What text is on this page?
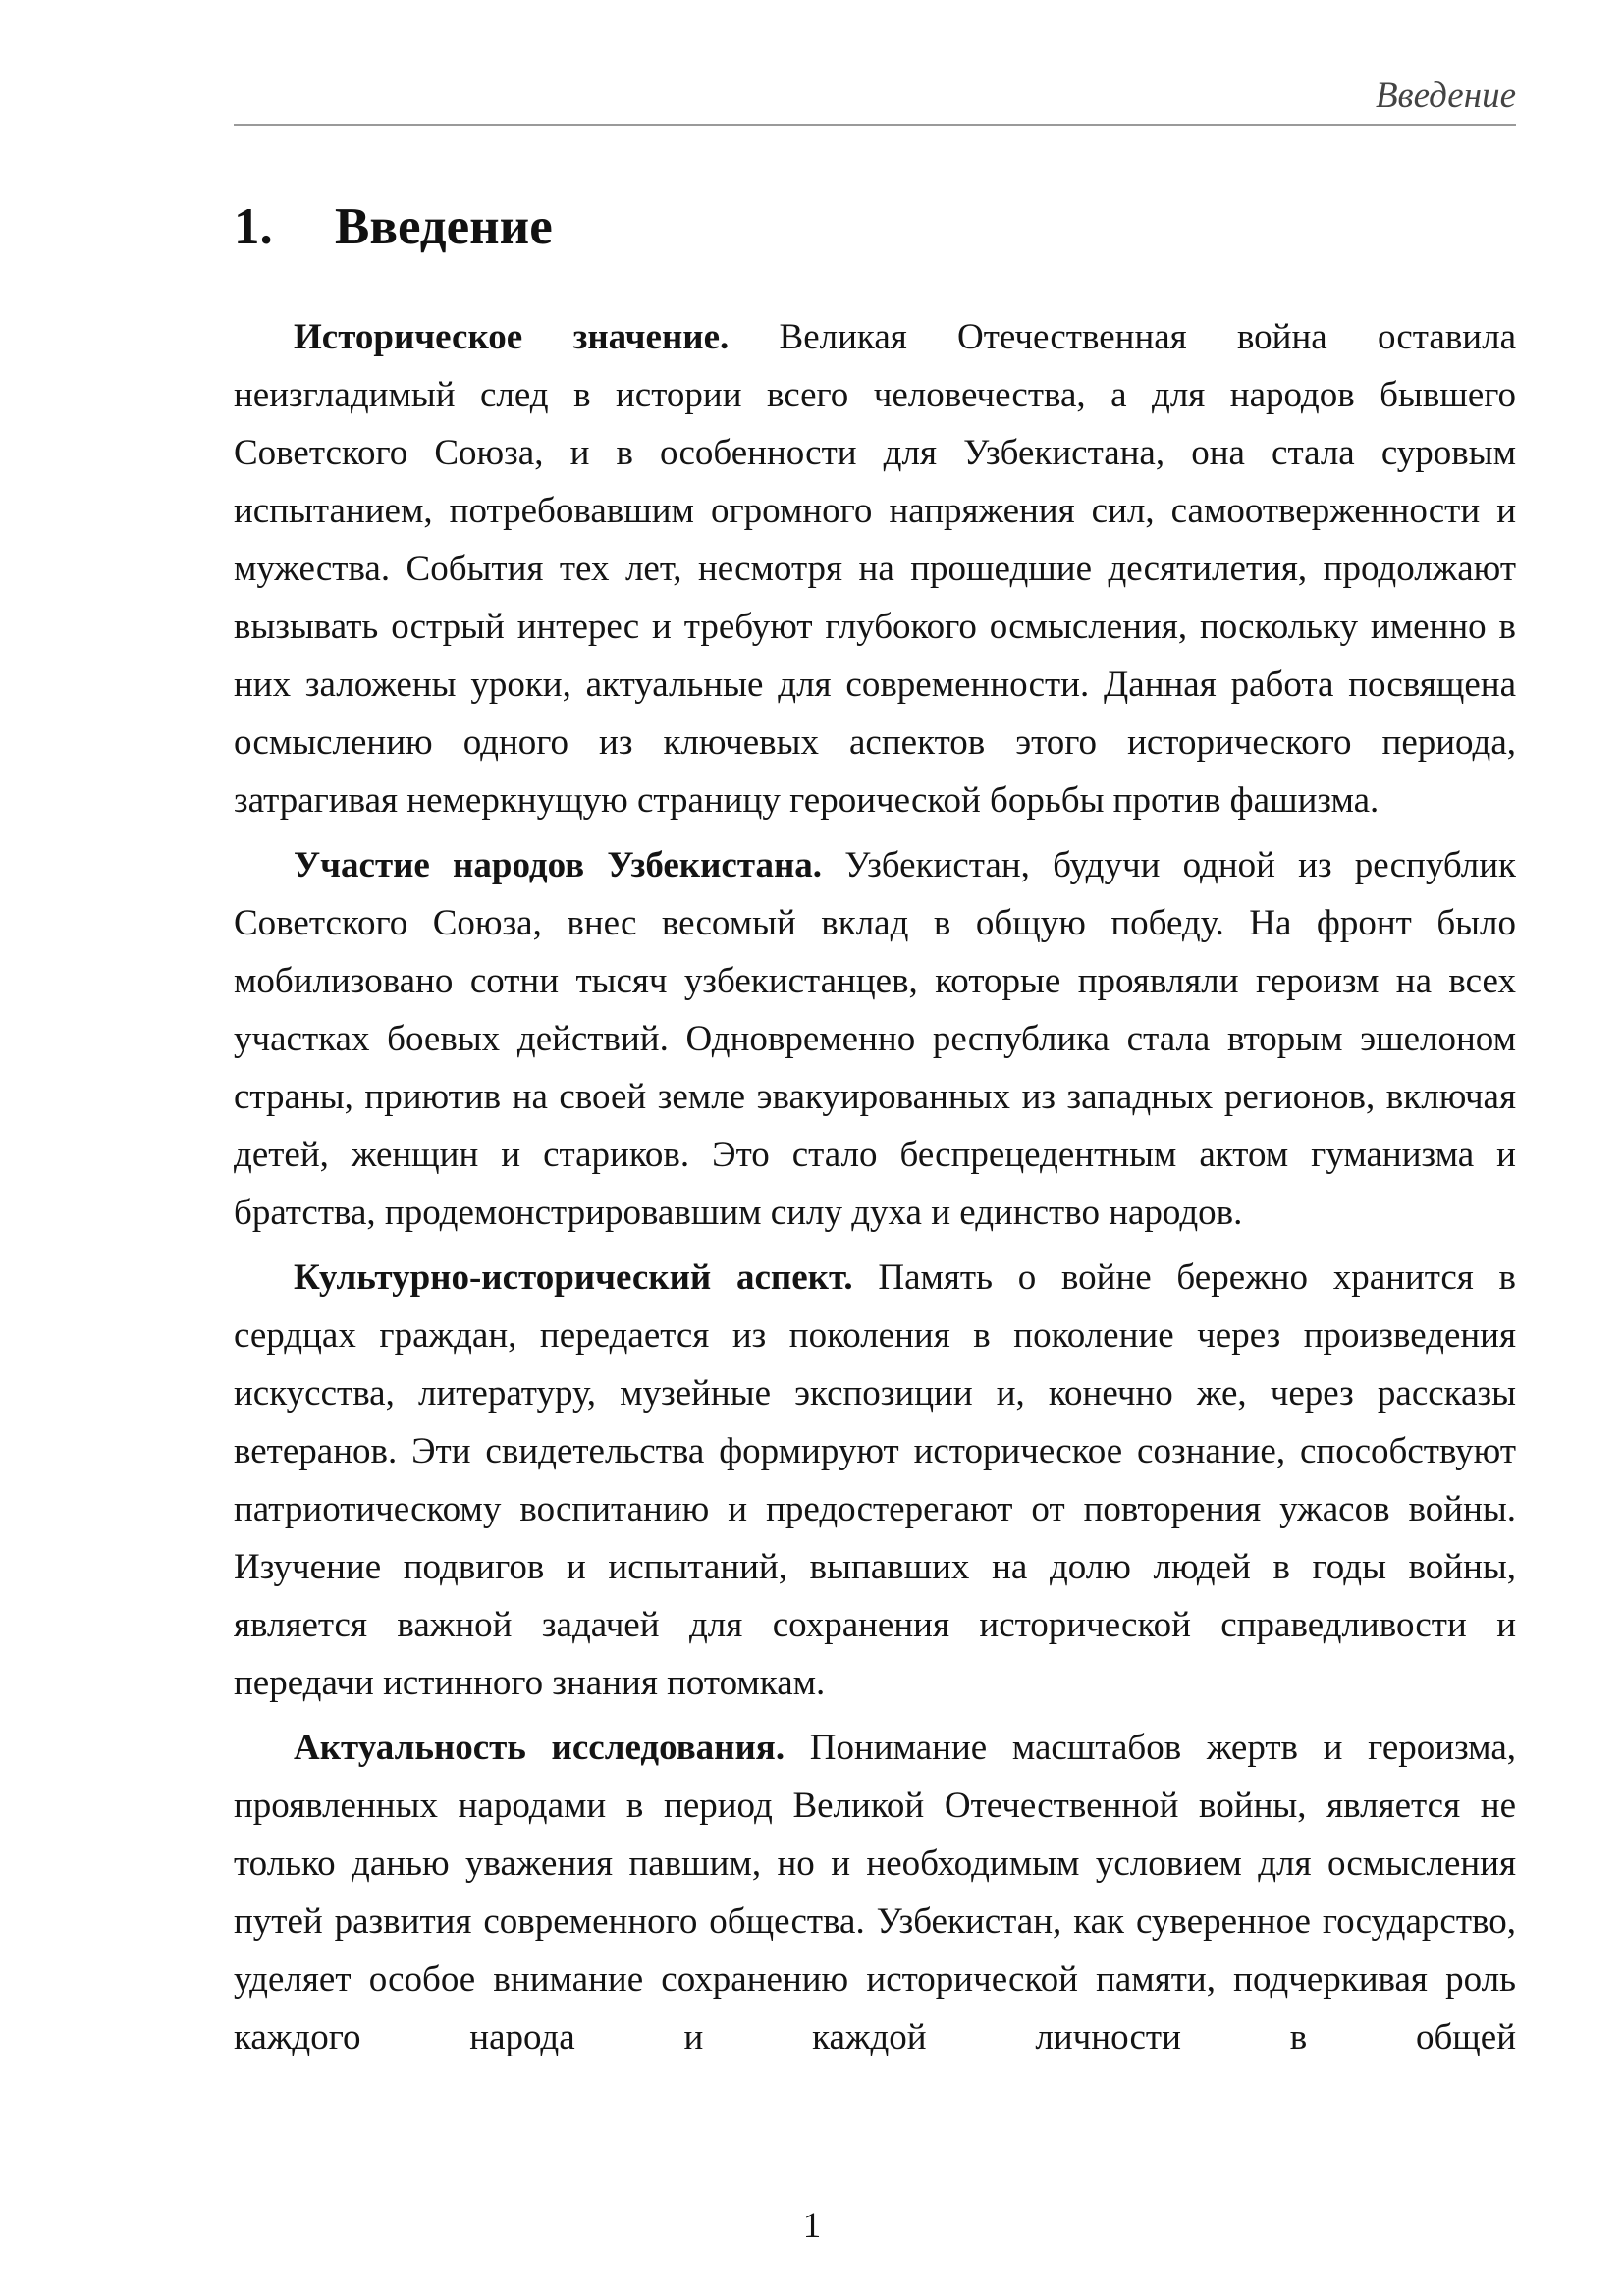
Введение
1. Введение

Историческое значение. Великая Отечественная война оставила неизгладимый след в истории всего человечества, а для народов бывшего Советского Союза, и в особенности для Узбекистана, она стала суровым испытанием, потребовавшим огромного напряжения сил, самоотверженности и мужества. События тех лет, несмотря на прошедшие десятилетия, продолжают вызывать острый интерес и требуют глубокого осмысления, поскольку именно в них заложены уроки, актуальные для современности. Данная работа посвящена осмыслению одного из ключевых аспектов этого исторического периода, затрагивая немеркнущую страницу героической борьбы против фашизма.

Участие народов Узбекистана. Узбекистан, будучи одной из республик Советского Союза, внес весомый вклад в общую победу. На фронт было мобилизовано сотни тысяч узбекистанцев, которые проявляли героизм на всех участках боевых действий. Одновременно республика стала вторым эшелоном страны, приютив на своей земле эвакуированных из западных регионов, включая детей, женщин и стариков. Это стало беспрецедентным актом гуманизма и братства, продемонстрировавшим силу духа и единство народов.

Культурно-исторический аспект. Память о войне бережно хранится в сердцах граждан, передается из поколения в поколение через произведения искусства, литературу, музейные экспозиции и, конечно же, через рассказы ветеранов. Эти свидетельства формируют историческое сознание, способствуют патриотическому воспитанию и предостерегают от повторения ужасов войны. Изучение подвигов и испытаний, выпавших на долю людей в годы войны, является важной задачей для сохранения исторической справедливости и передачи истинного знания потомкам.

Актуальность исследования. Понимание масштабов жертв и героизма, проявленных народами в период Великой Отечественной войны, является не только данью уважения павшим, но и необходимым условием для осмысления путей развития современного общества. Узбекистан, как суверенное государство, уделяет особое внимание сохранению исторической памяти, подчеркивая роль каждого народа и каждой личности в общей

1
